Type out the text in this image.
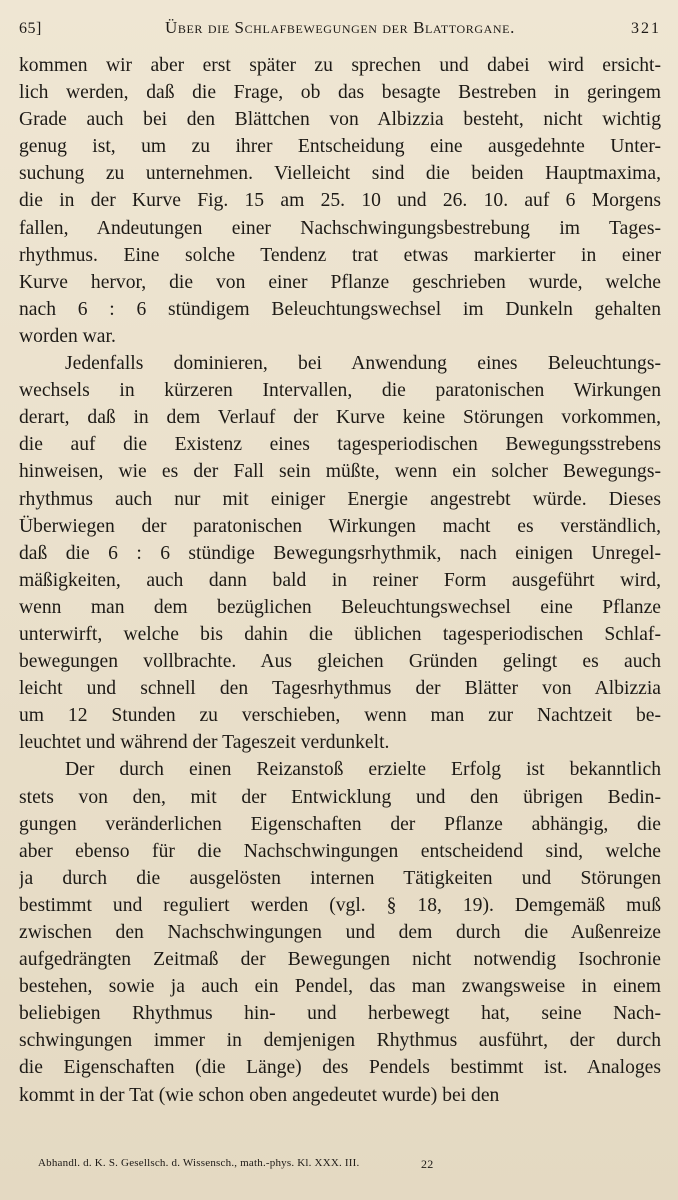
65]	Über die Schlafbewegungen der Blattorgane.	321
kommen wir aber erst später zu sprechen und dabei wird ersicht-
lich werden, daß die Frage, ob das besagte Bestreben in geringem
Grade auch bei den Blättchen von Albizzia besteht, nicht wichtig
genug ist, um zu ihrer Entscheidung eine ausgedehnte Unter-
suchung zu unternehmen. Vielleicht sind die beiden Hauptmaxima,
die in der Kurve Fig. 15 am 25. 10 und 26. 10. auf 6 Morgens
fallen, Andeutungen einer Nachschwingungsbestrebung im Tages-
rhythmus. Eine solche Tendenz trat etwas markierter in einer
Kurve hervor, die von einer Pflanze geschrieben wurde, welche
nach 6 : 6 stündigem Beleuchtungswechsel im Dunkeln gehalten
worden war.
Jedenfalls dominieren, bei Anwendung eines Beleuchtungs-
wechsels in kürzeren Intervallen, die paratonischen Wirkungen
derart, daß in dem Verlauf der Kurve keine Störungen vorkommen,
die auf die Existenz eines tagesperiodischen Bewegungsstrebens
hinweisen, wie es der Fall sein müßte, wenn ein solcher Bewegungs-
rhythmus auch nur mit einiger Energie angestrebt würde. Dieses
Überwiegen der paratonischen Wirkungen macht es verständlich,
daß die 6 : 6 stündige Bewegungsrhythmik, nach einigen Unregel-
mäßigkeiten, auch dann bald in reiner Form ausgeführt wird,
wenn man dem bezüglichen Beleuchtungswechsel eine Pflanze
unterwirft, welche bis dahin die üblichen tagesperiodischen Schlaf-
bewegungen vollbrachte. Aus gleichen Gründen gelingt es auch
leicht und schnell den Tagesrhythmus der Blätter von Albizzia
um 12 Stunden zu verschieben, wenn man zur Nachtzeit be-
leuchtet und während der Tageszeit verdunkelt.
Der durch einen Reizanstoß erzielte Erfolg ist bekanntlich
stets von den, mit der Entwicklung und den übrigen Bedin-
gungen veränderlichen Eigenschaften der Pflanze abhängig, die
aber ebenso für die Nachschwingungen entscheidend sind, welche
ja durch die ausgelösten internen Tätigkeiten und Störungen
bestimmt und reguliert werden (vgl. § 18, 19). Demgemäß muß
zwischen den Nachschwingungen und dem durch die Außenreize
aufgedrängten Zeitmaß der Bewegungen nicht notwendig Isochronie
bestehen, sowie ja auch ein Pendel, das man zwangsweise in einem
beliebigen Rhythmus hin- und herbewegt hat, seine Nach-
schwingungen immer in demjenigen Rhythmus ausführt, der durch
die Eigenschaften (die Länge) des Pendels bestimmt ist. Analoges
kommt in der Tat (wie schon oben angedeutet wurde) bei den
Abhandl. d. K. S. Gesellsch. d. Wissensch., math.-phys. Kl. XXX. III.	22
